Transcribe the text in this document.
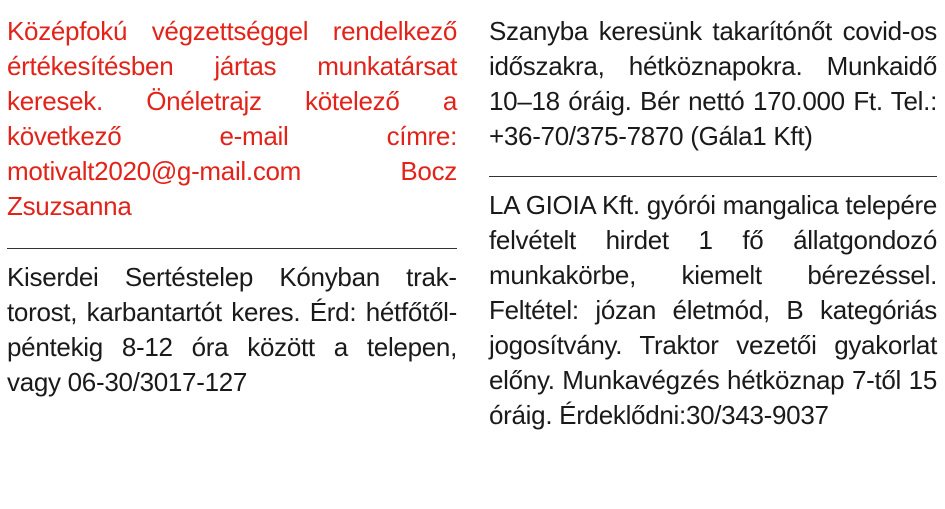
Középfokú végzettséggel rendelkező értékesítésben jártas munkatársat keresek. Önéletrajz kötelező a következő e-mail címre: motivalt2020@g-mail.com Bocz Zsuzsanna

Kiserdei Sertéstelep Kónyban traktorost, karbantartót keres. Érd: hétfőtől-péntekig 8-12 óra között a telepen, vagy 06-30/3017-127

Szanyba keresünk takarítónőt covid-os időszakra, hétköznapokra. Munkaidő 10–18 óráig. Bér nettó 170.000 Ft. Tel.: +36-70/375-7870 (Gála1 Kft)

LA GIOIA Kft. gyórói mangalica telepére felvételt hirdet 1 fő állatgondozó munkakörbe, kiemelt bérezéssel. Feltétel: józan életmód, B kategóriás jogosítvány. Traktor vezetői gyakorlat előny. Munkavégzés hétköznap 7-től 15 óráig. Érdeklődni:30/343-9037
